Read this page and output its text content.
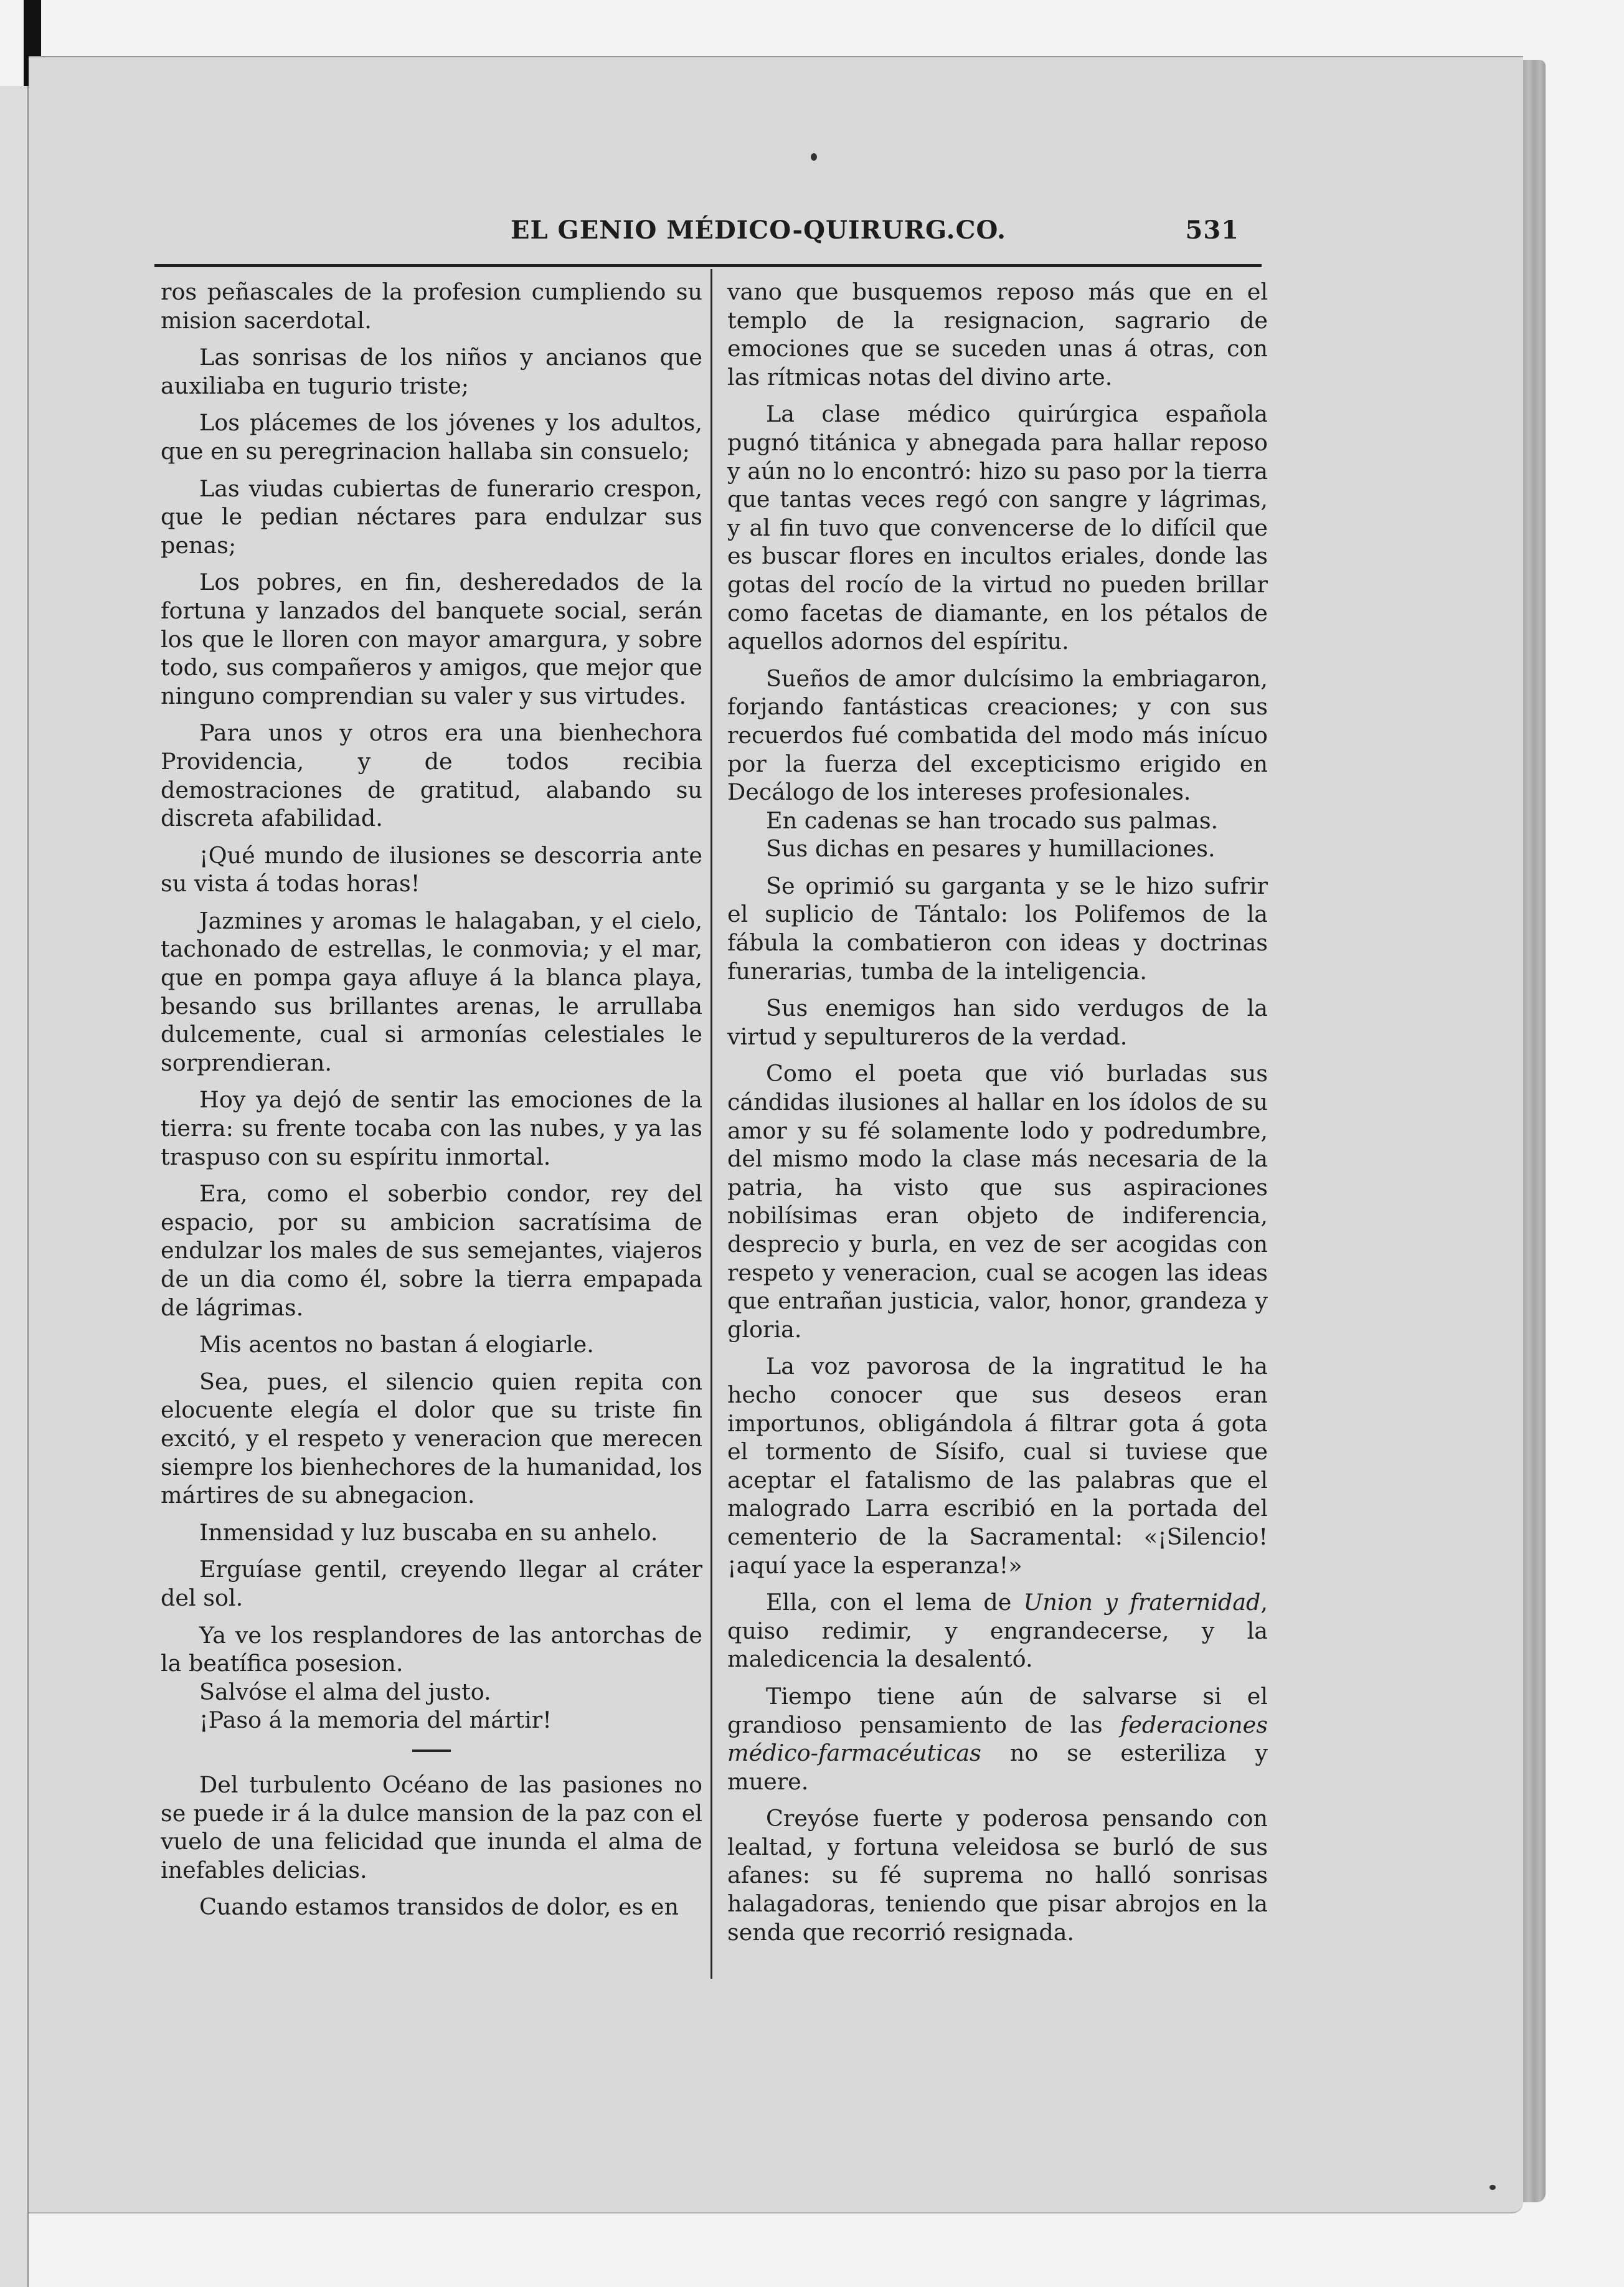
EL GENIO MÉDICO-QUIRURG.CO.	531

ros peñascales de la profesion cumpliendo su mision sacerdotal.

Las sonrisas de los niños y ancianos que auxiliaba en tugurio triste;

Los plácemes de los jóvenes y los adultos, que en su peregrinacion hallaba sin consuelo;

Las viudas cubiertas de funerario crespon, que le pedian néctares para endulzar sus penas;

Los pobres, en fin, desheredados de la fortuna y lanzados del banquete social, serán los que le lloren con mayor amargura, y sobre todo, sus compañeros y amigos, que mejor que ninguno comprendian su valer y sus virtudes.

Para unos y otros era una bienhechora Providencia, y de todos recibia demostraciones de gratitud, alabando su discreta afabilidad.

¡Qué mundo de ilusiones se descorria ante su vista á todas horas!

Jazmines y aromas le halagaban, y el cielo, tachonado de estrellas, le conmovia; y el mar, que en pompa gaya afluye á la blanca playa, besando sus brillantes arenas, le arrullaba dulcemente, cual si armonías celestiales le sorprendieran.

Hoy ya dejó de sentir las emociones de la tierra: su frente tocaba con las nubes, y ya las traspuso con su espíritu inmortal.

Era, como el soberbio condor, rey del espacio, por su ambicion sacratísima de endulzar los males de sus semejantes, viajeros de un dia como él, sobre la tierra empapada de lágrimas.

Mis acentos no bastan á elogiarle.

Sea, pues, el silencio quien repita con elocuente elegía el dolor que su triste fin excitó, y el respeto y veneracion que merecen siempre los bienhechores de la humanidad, los mártires de su abnegacion.

Inmensidad y luz buscaba en su anhelo.

Erguíase gentil, creyendo llegar al cráter del sol.

Ya ve los resplandores de las antorchas de la beatífica posesion.

Salvóse el alma del justo.

¡Paso á la memoria del mártir!

Del turbulento Océano de las pasiones no se puede ir á la dulce mansion de la paz con el vuelo de una felicidad que inunda el alma de inefables delicias.

Cuando estamos transidos de dolor, es en

vano que busquemos reposo más que en el templo de la resignacion, sagrario de emociones que se suceden unas á otras, con las rítmicas notas del divino arte.

La clase médico quirúrgica española pugnó titánica y abnegada para hallar reposo y aún no lo encontró: hizo su paso por la tierra que tantas veces regó con sangre y lágrimas, y al fin tuvo que convencerse de lo difícil que es buscar flores en incultos eriales, donde las gotas del rocío de la virtud no pueden brillar como facetas de diamante, en los pétalos de aquellos adornos del espíritu.

Sueños de amor dulcísimo la embriagaron, forjando fantásticas creaciones; y con sus recuerdos fué combatida del modo más inícuo por la fuerza del excepticismo erigido en Decálogo de los intereses profesionales.

En cadenas se han trocado sus palmas.

Sus dichas en pesares y humillaciones.

Se oprimió su garganta y se le hizo sufrir el suplicio de Tántalo: los Polifemos de la fábula la combatieron con ideas y doctrinas funerarias, tumba de la inteligencia.

Sus enemigos han sido verdugos de la virtud y sepultureros de la verdad.

Como el poeta que vió burladas sus cándidas ilusiones al hallar en los ídolos de su amor y su fé solamente lodo y podredumbre, del mismo modo la clase más necesaria de la patria, ha visto que sus aspiraciones nobilísimas eran objeto de indiferencia, desprecio y burla, en vez de ser acogidas con respeto y veneracion, cual se acogen las ideas que entrañan justicia, valor, honor, grandeza y gloria.

La voz pavorosa de la ingratitud le ha hecho conocer que sus deseos eran importunos, obligándola á filtrar gota á gota el tormento de Sísifo, cual si tuviese que aceptar el fatalismo de las palabras que el malogrado Larra escribió en la portada del cementerio de la Sacramental: «¡Silencio! ¡aquí yace la esperanza!»

Ella, con el lema de Union y fraternidad, quiso redimir, y engrandecerse, y la maledicencia la desalentó.

Tiempo tiene aún de salvarse si el grandioso pensamiento de las federaciones médico-farmacéuticas no se esteriliza y muere.

Creyóse fuerte y poderosa pensando con lealtad, y fortuna veleidosa se burló de sus afanes: su fé suprema no halló sonrisas halagadoras, teniendo que pisar abrojos en la senda que recorrió resignada.
